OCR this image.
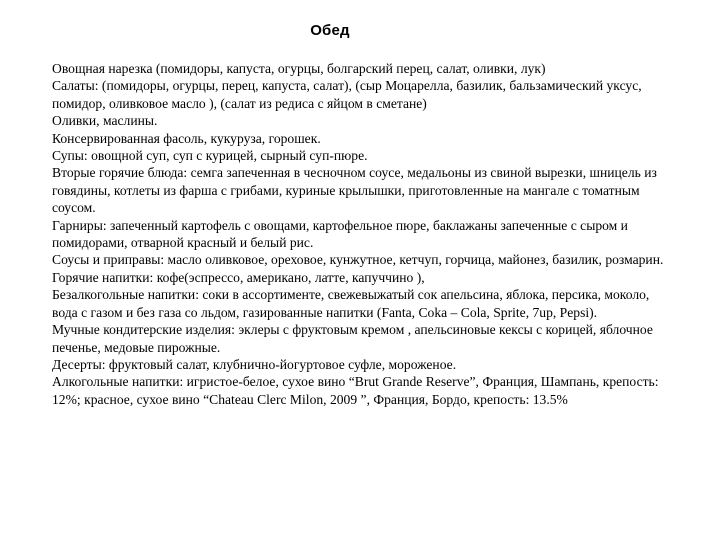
Обед

Овощная нарезка (помидоры, капуста, огурцы, болгарский перец, салат, оливки, лук)

Салаты: (помидоры, огурцы, перец, капуста, салат), (сыр Моцарелла, базилик, бальзамический уксус, помидор, оливковое масло ), (салат из редиса с яйцом в сметане)

Оливки, маслины.

Консервированная фасоль, кукуруза, горошек.

Супы: овощной суп, суп с курицей, сырный суп-пюре.

Вторые горячие блюда: семга запеченная в чесночном соусе, медальоны из свиной вырезки, шницель из говядины, котлеты из фарша с грибами, куриные крылышки, приготовленные на мангале с томатным соусом.

Гарниры: запеченный картофель с овощами, картофельное пюре, баклажаны запеченные с сыром и помидорами, отварной красный и белый рис.

Соусы и приправы: масло оливковое, ореховое, кунжутное, кетчуп, горчица, майонез, базилик, розмарин.

Горячие напитки: кофе(эспрессо, американо, латте, капуччино ),

Безалкогольные напитки: соки в ассортименте, свежевыжатый сок апельсина, яблока, персика, моколо, вода с газом и без газа со льдом, газированные напитки (Fanta, Coka – Cola, Sprite, 7up, Pepsi).

Мучные кондитерские изделия: эклеры с фруктовым кремом , апельсиновые кексы с корицей, яблочное печенье, медовые пирожные.

Десерты: фруктовый салат, клубнично-йогуртовое суфле, мороженое.

Алкогольные напитки: игристое-белое, сухое вино “Brut Grande Reserve”, Франция, Шампань, крепость: 12%; красное, сухое вино “Chateau Clerc Milon, 2009 ”, Франция, Бордо, крепость: 13.5%
